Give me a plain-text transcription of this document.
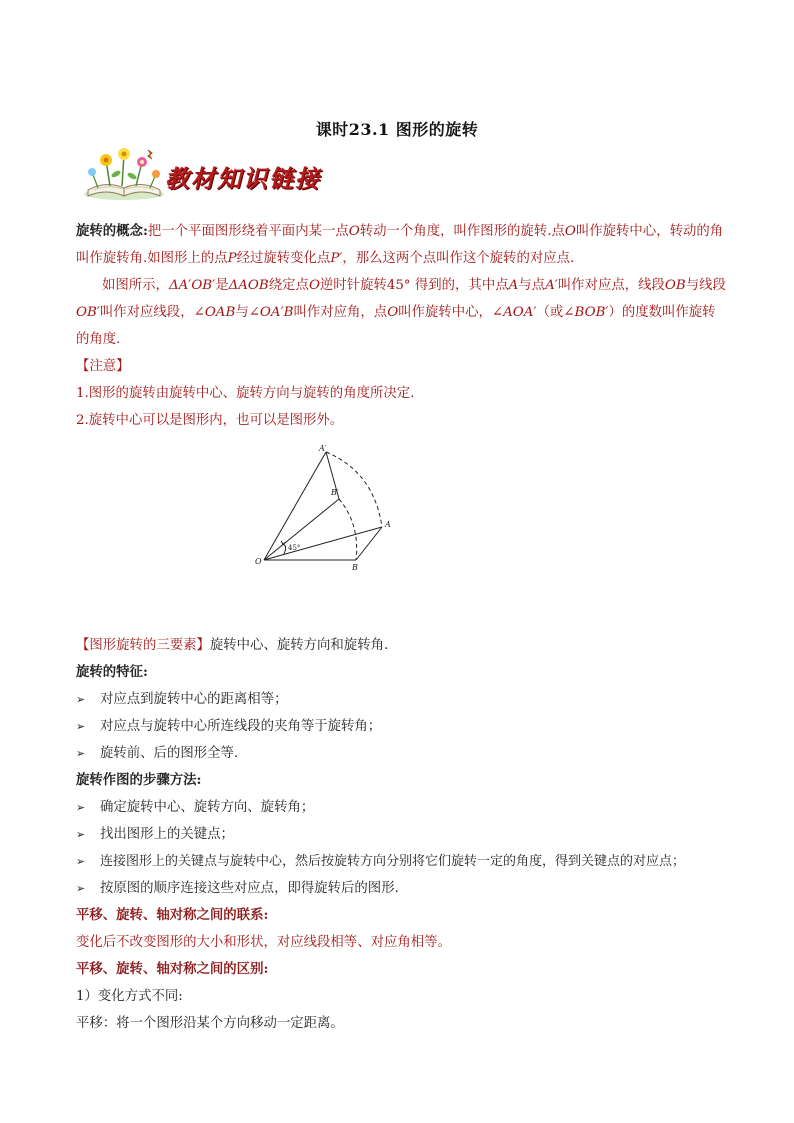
课时23.1 图形的旋转
教材知识链接

旋转的概念:把一个平面图形绕着平面内某一点O转动一个角度，叫作图形的旋转.点O叫作旋转中心，转动的角叫作旋转角.如图形上的点P经过旋转变化点P′，那么这两个点叫作这个旋转的对应点.

如图所示，ΔA′OB′是ΔAOB绕定点O逆时针旋转45° 得到的，其中点A与点A′叫作对应点，线段OB与线段OB′叫作对应线段，∠OAB与∠OA′B叫作对应角，点O叫作旋转中心，∠AOA′（或∠BOB′）的度数叫作旋转的角度.

【注意】

1.图形的旋转由旋转中心、旋转方向与旋转的角度所决定.

2.旋转中心可以是图形内，也可以是图形外。

A′
B′
A
B
O
45°

【图形旋转的三要素】旋转中心、旋转方向和旋转角.

旋转的特征:

➢	对应点到旋转中心的距离相等；
➢	对应点与旋转中心所连线段的夹角等于旋转角；
➢	旋转前、后的图形全等.

旋转作图的步骤方法:

➢	确定旋转中心、旋转方向、旋转角；
➢	找出图形上的关键点；
➢	连接图形上的关键点与旋转中心，然后按旋转方向分别将它们旋转一定的角度，得到关键点的对应点；
➢	按原图的顺序连接这些对应点，即得旋转后的图形.

平移、旋转、轴对称之间的联系:

变化后不改变图形的大小和形状，对应线段相等、对应角相等。

平移、旋转、轴对称之间的区别:

1）变化方式不同:

平移：将一个图形沿某个方向移动一定距离。
